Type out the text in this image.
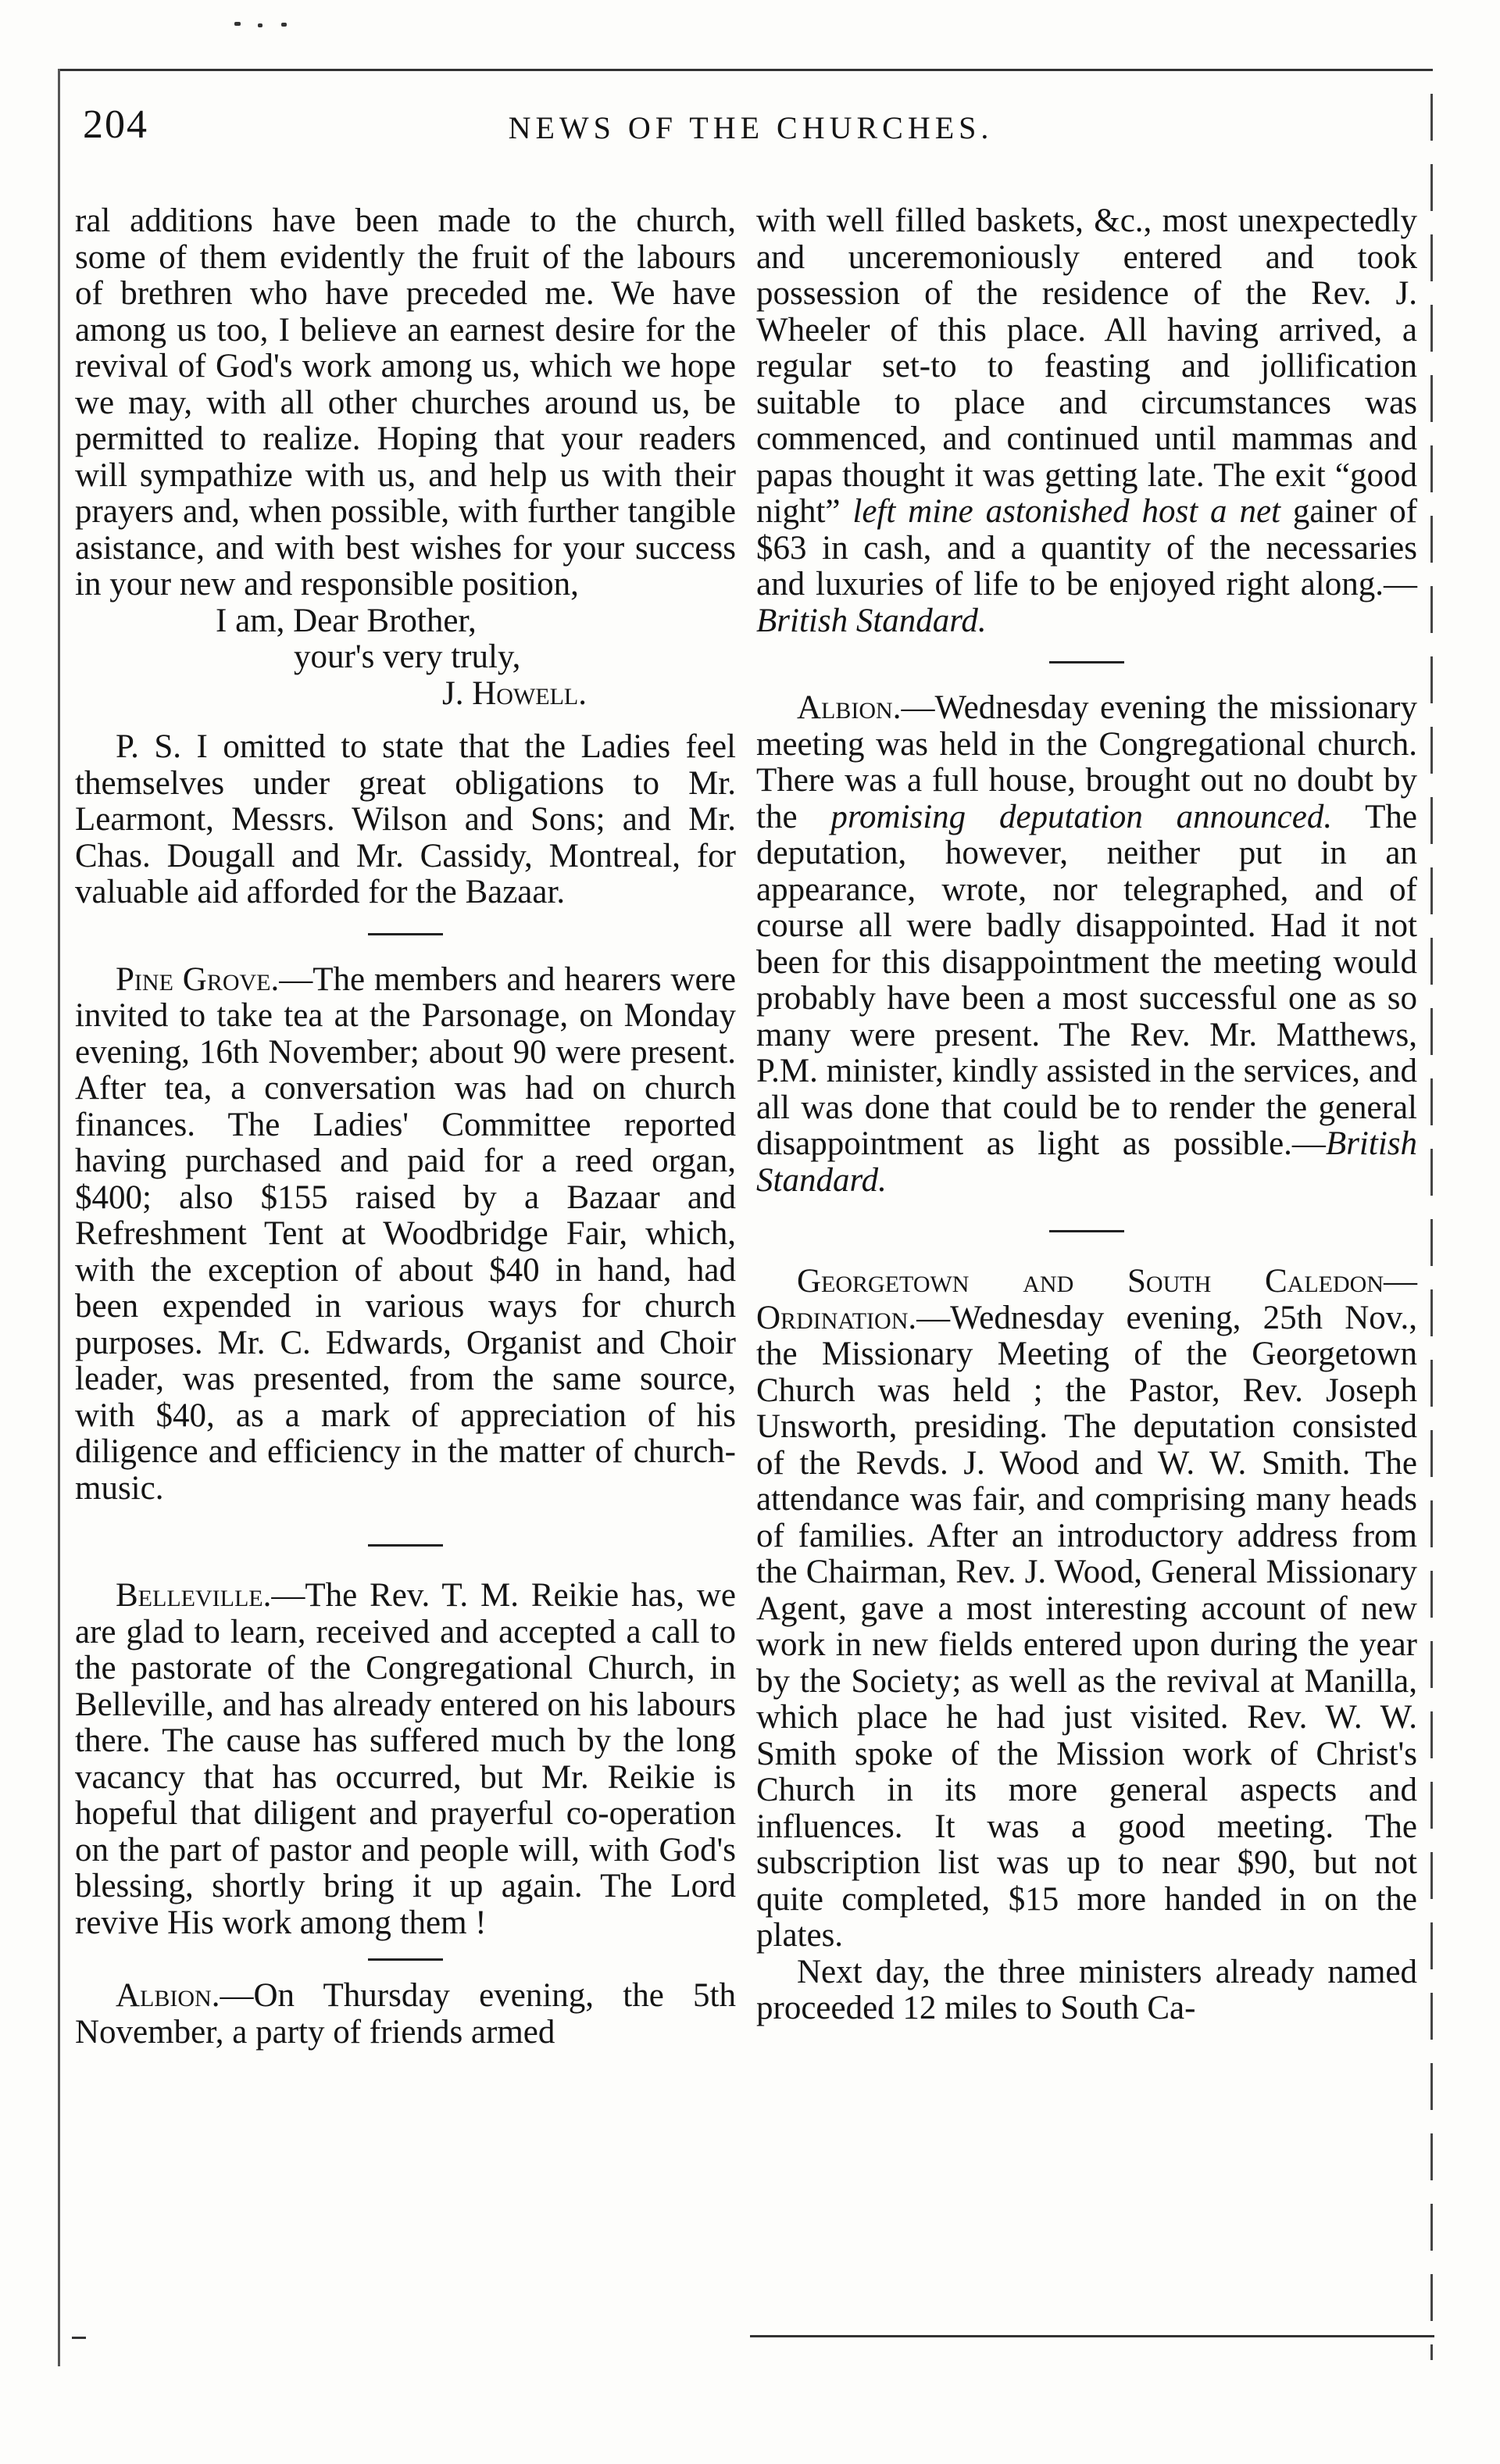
204	NEWS OF THE CHURCHES.

ral additions have been made to the church, some of them evidently the fruit of the labours of brethren who have preceded me. We have among us too, I believe an earnest desire for the revival of God's work among us, which we hope we may, with all other churches around us, be permitted to realize. Hoping that your readers will sympathize with us, and help us with their prayers and, when possible, with further tangible asistance, and with best wishes for your success in your new and responsible position,

I am, Dear Brother,
your's very truly,
J. Howell.

P. S. I omitted to state that the Ladies feel themselves under great obligations to Mr. Learmont, Messrs. Wilson and Sons; and Mr. Chas. Dougall and Mr. Cassidy, Montreal, for valuable aid afforded for the Bazaar.

Pine Grove.—The members and hearers were invited to take tea at the Parsonage, on Monday evening, 16th November; about 90 were present. After tea, a conversation was had on church finances. The Ladies' Committee reported having purchased and paid for a reed organ, $400; also $155 raised by a Bazaar and Refreshment Tent at Woodbridge Fair, which, with the exception of about $40 in hand, had been expended in various ways for church purposes. Mr. C. Edwards, Organist and Choir leader, was presented, from the same source, with $40, as a mark of appreciation of his diligence and efficiency in the matter of church-music.

Belleville.—The Rev. T. M. Reikie has, we are glad to learn, received and accepted a call to the pastorate of the Congregational Church, in Belleville, and has already entered on his labours there. The cause has suffered much by the long vacancy that has occurred, but Mr. Reikie is hopeful that diligent and prayerful co-operation on the part of pastor and people will, with God's blessing, shortly bring it up again. The Lord revive His work among them !

Albion.—On Thursday evening, the 5th November, a party of friends armed

with well filled baskets, &c., most unexpectedly and unceremoniously entered and took possession of the residence of the Rev. J. Wheeler of this place. All having arrived, a regular set-to to feasting and jollification suitable to place and circumstances was commenced, and continued until mammas and papas thought it was getting late. The exit “good night” left mine astonished host a net gainer of $63 in cash, and a quantity of the necessaries and luxuries of life to be enjoyed right along.—British Standard.

Albion.—Wednesday evening the missionary meeting was held in the Congregational church. There was a full house, brought out no doubt by the promising deputation announced. The deputation, however, neither put in an appearance, wrote, nor telegraphed, and of course all were badly disappointed. Had it not been for this disappointment the meeting would probably have been a most successful one as so many were present. The Rev. Mr. Matthews, P.M. minister, kindly assisted in the services, and all was done that could be to render the general disappointment as light as possible.—British Standard.

Georgetown and South Caledon—Ordination.—Wednesday evening, 25th Nov., the Missionary Meeting of the Georgetown Church was held ; the Pastor, Rev. Joseph Unsworth, presiding. The deputation consisted of the Revds. J. Wood and W. W. Smith. The attendance was fair, and comprising many heads of families. After an introductory address from the Chairman, Rev. J. Wood, General Missionary Agent, gave a most interesting account of new work in new fields entered upon during the year by the Society; as well as the revival at Manilla, which place he had just visited. Rev. W. W. Smith spoke of the Mission work of Christ's Church in its more general aspects and influences. It was a good meeting. The subscription list was up to near $90, but not quite completed, $15 more handed in on the plates.

Next day, the three ministers already named proceeded 12 miles to South Ca-
